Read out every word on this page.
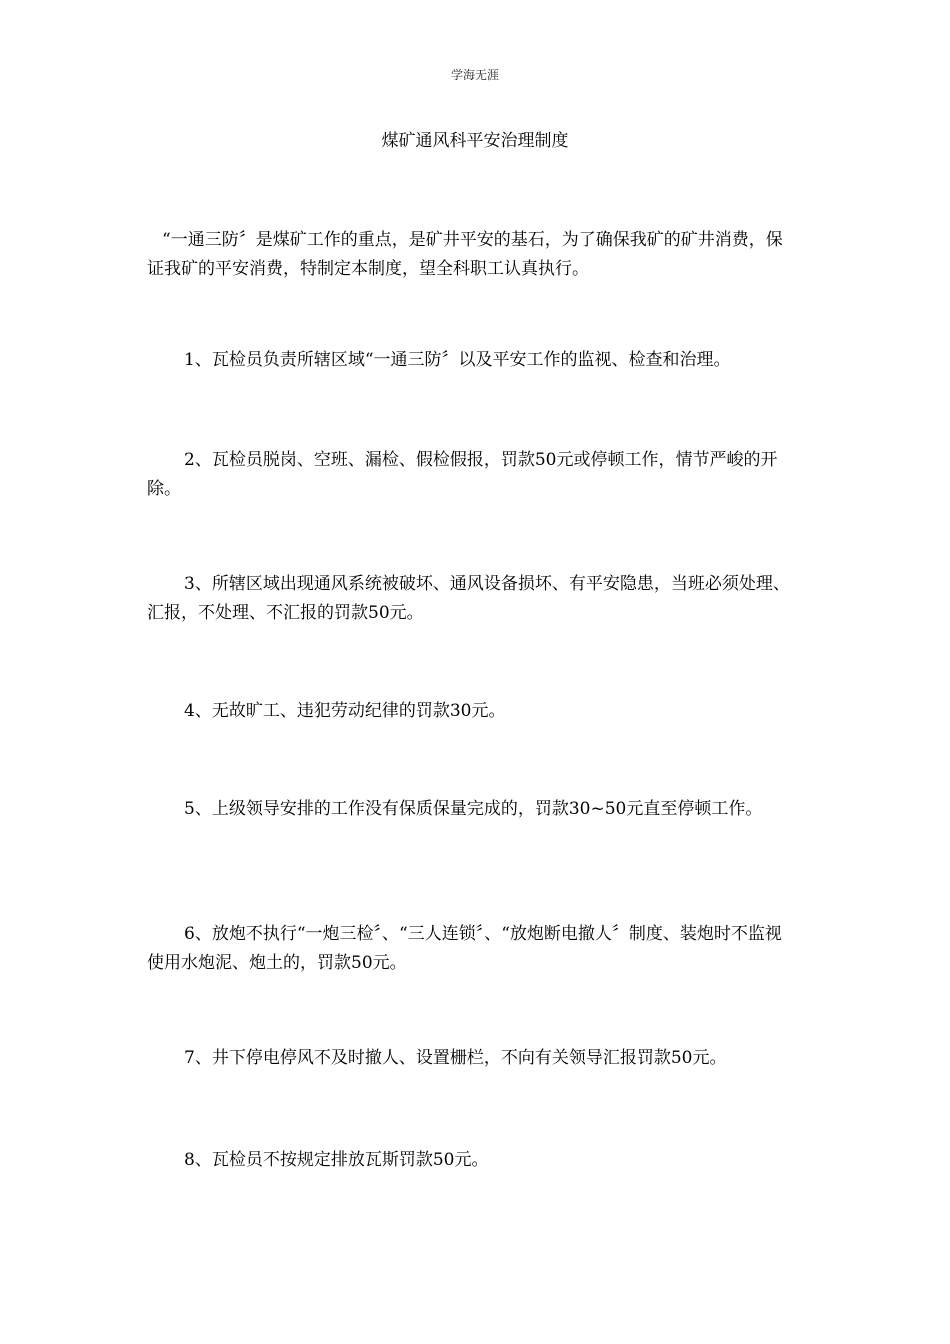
学海无涯
煤矿通风科平安治理制度
“一通三防〞是煤矿工作的重点，是矿井平安的基石，为了确保我矿的矿井消费，保证我矿的平安消费，特制定本制度，望全科职工认真执行。
1、瓦检员负责所辖区域“一通三防〞以及平安工作的监视、检查和治理。
2、瓦检员脱岗、空班、漏检、假检假报，罚款50元或停顿工作，情节严峻的开除。
3、所辖区域出现通风系统被破坏、通风设备损坏、有平安隐患，当班必须处理、汇报，不处理、不汇报的罚款50元。
4、无故旷工、违犯劳动纪律的罚款30元。
5、上级领导安排的工作没有保质保量完成的，罚款30~50元直至停顿工作。
6、放炮不执行“一炮三检〞、“三人连锁〞、“放炮断电撤人〞制度、装炮时不监视使用水炮泥、炮土的，罚款50元。
7、井下停电停风不及时撤人、设置栅栏，不向有关领导汇报罚款50元。
8、瓦检员不按规定排放瓦斯罚款50元。
